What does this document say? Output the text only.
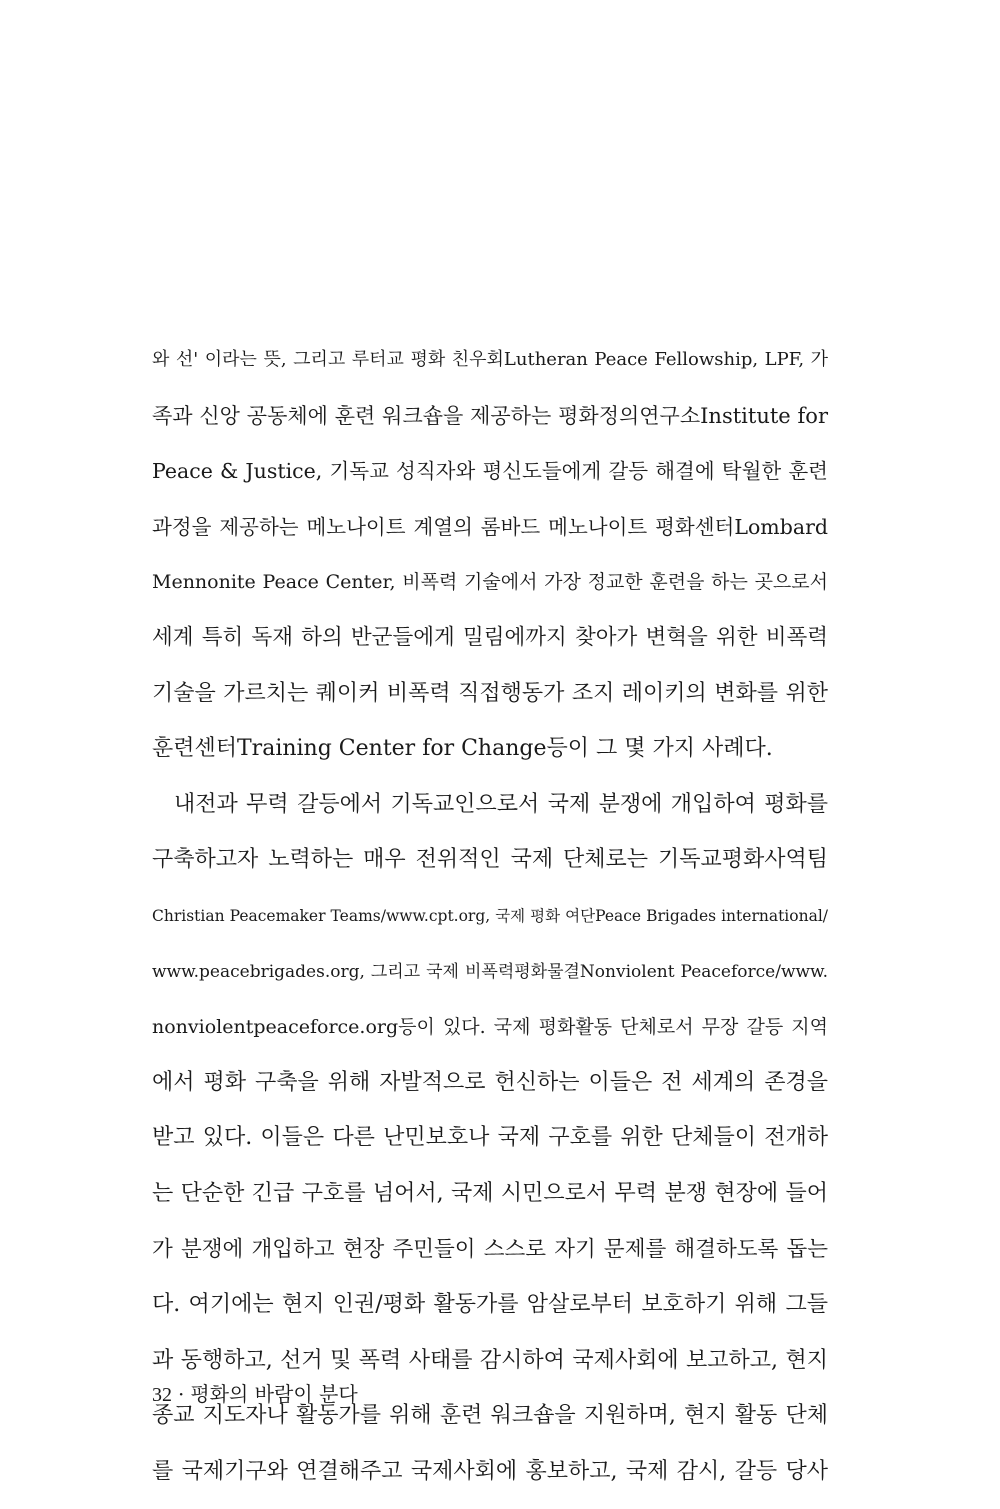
와 선' 이라는 뜻, 그리고 루터교 평화 친우회Lutheran Peace Fellowship, LPF, 가
족과 신앙 공동체에 훈련 워크숍을 제공하는 평화정의연구소Institute for
Peace & Justice, 기독교 성직자와 평신도들에게 갈등 해결에 탁월한 훈련
과정을 제공하는 메노나이트 계열의 롬바드 메노나이트 평화센터Lombard
Mennonite Peace Center, 비폭력 기술에서 가장 정교한 훈련을 하는 곳으로서
세계 특히 독재 하의 반군들에게 밀림에까지 찾아가 변혁을 위한 비폭력
기술을 가르치는 퀘이커 비폭력 직접행동가 조지 레이키의 변화를 위한
훈련센터Training Center for Change등이 그 몇 가지 사례다.
내전과 무력 갈등에서 기독교인으로서 국제 분쟁에 개입하여 평화를
구축하고자 노력하는 매우 전위적인 국제 단체로는 기독교평화사역팀
Christian Peacemaker Teams/www.cpt.org, 국제 평화 여단Peace Brigades international/
www.peacebrigades.org, 그리고 국제 비폭력평화물결Nonviolent Peaceforce/www.
nonviolentpeaceforce.org등이 있다. 국제 평화활동 단체로서 무장 갈등 지역
에서 평화 구축을 위해 자발적으로 헌신하는 이들은 전 세계의 존경을
받고 있다. 이들은 다른 난민보호나 국제 구호를 위한 단체들이 전개하
는 단순한 긴급 구호를 넘어서, 국제 시민으로서 무력 분쟁 현장에 들어
가 분쟁에 개입하고 현장 주민들이 스스로 자기 문제를 해결하도록 돕는
다. 여기에는 현지 인권/평화 활동가를 암살로부터 보호하기 위해 그들
과 동행하고, 선거 및 폭력 사태를 감시하여 국제사회에 보고하고, 현지
종교 지도자나 활동가를 위해 훈련 워크숍을 지원하며, 현지 활동 단체
를 국제기구와 연결해주고 국제사회에 홍보하고, 국제 감시, 갈등 당사
32 · 평화의 바람이 분다
